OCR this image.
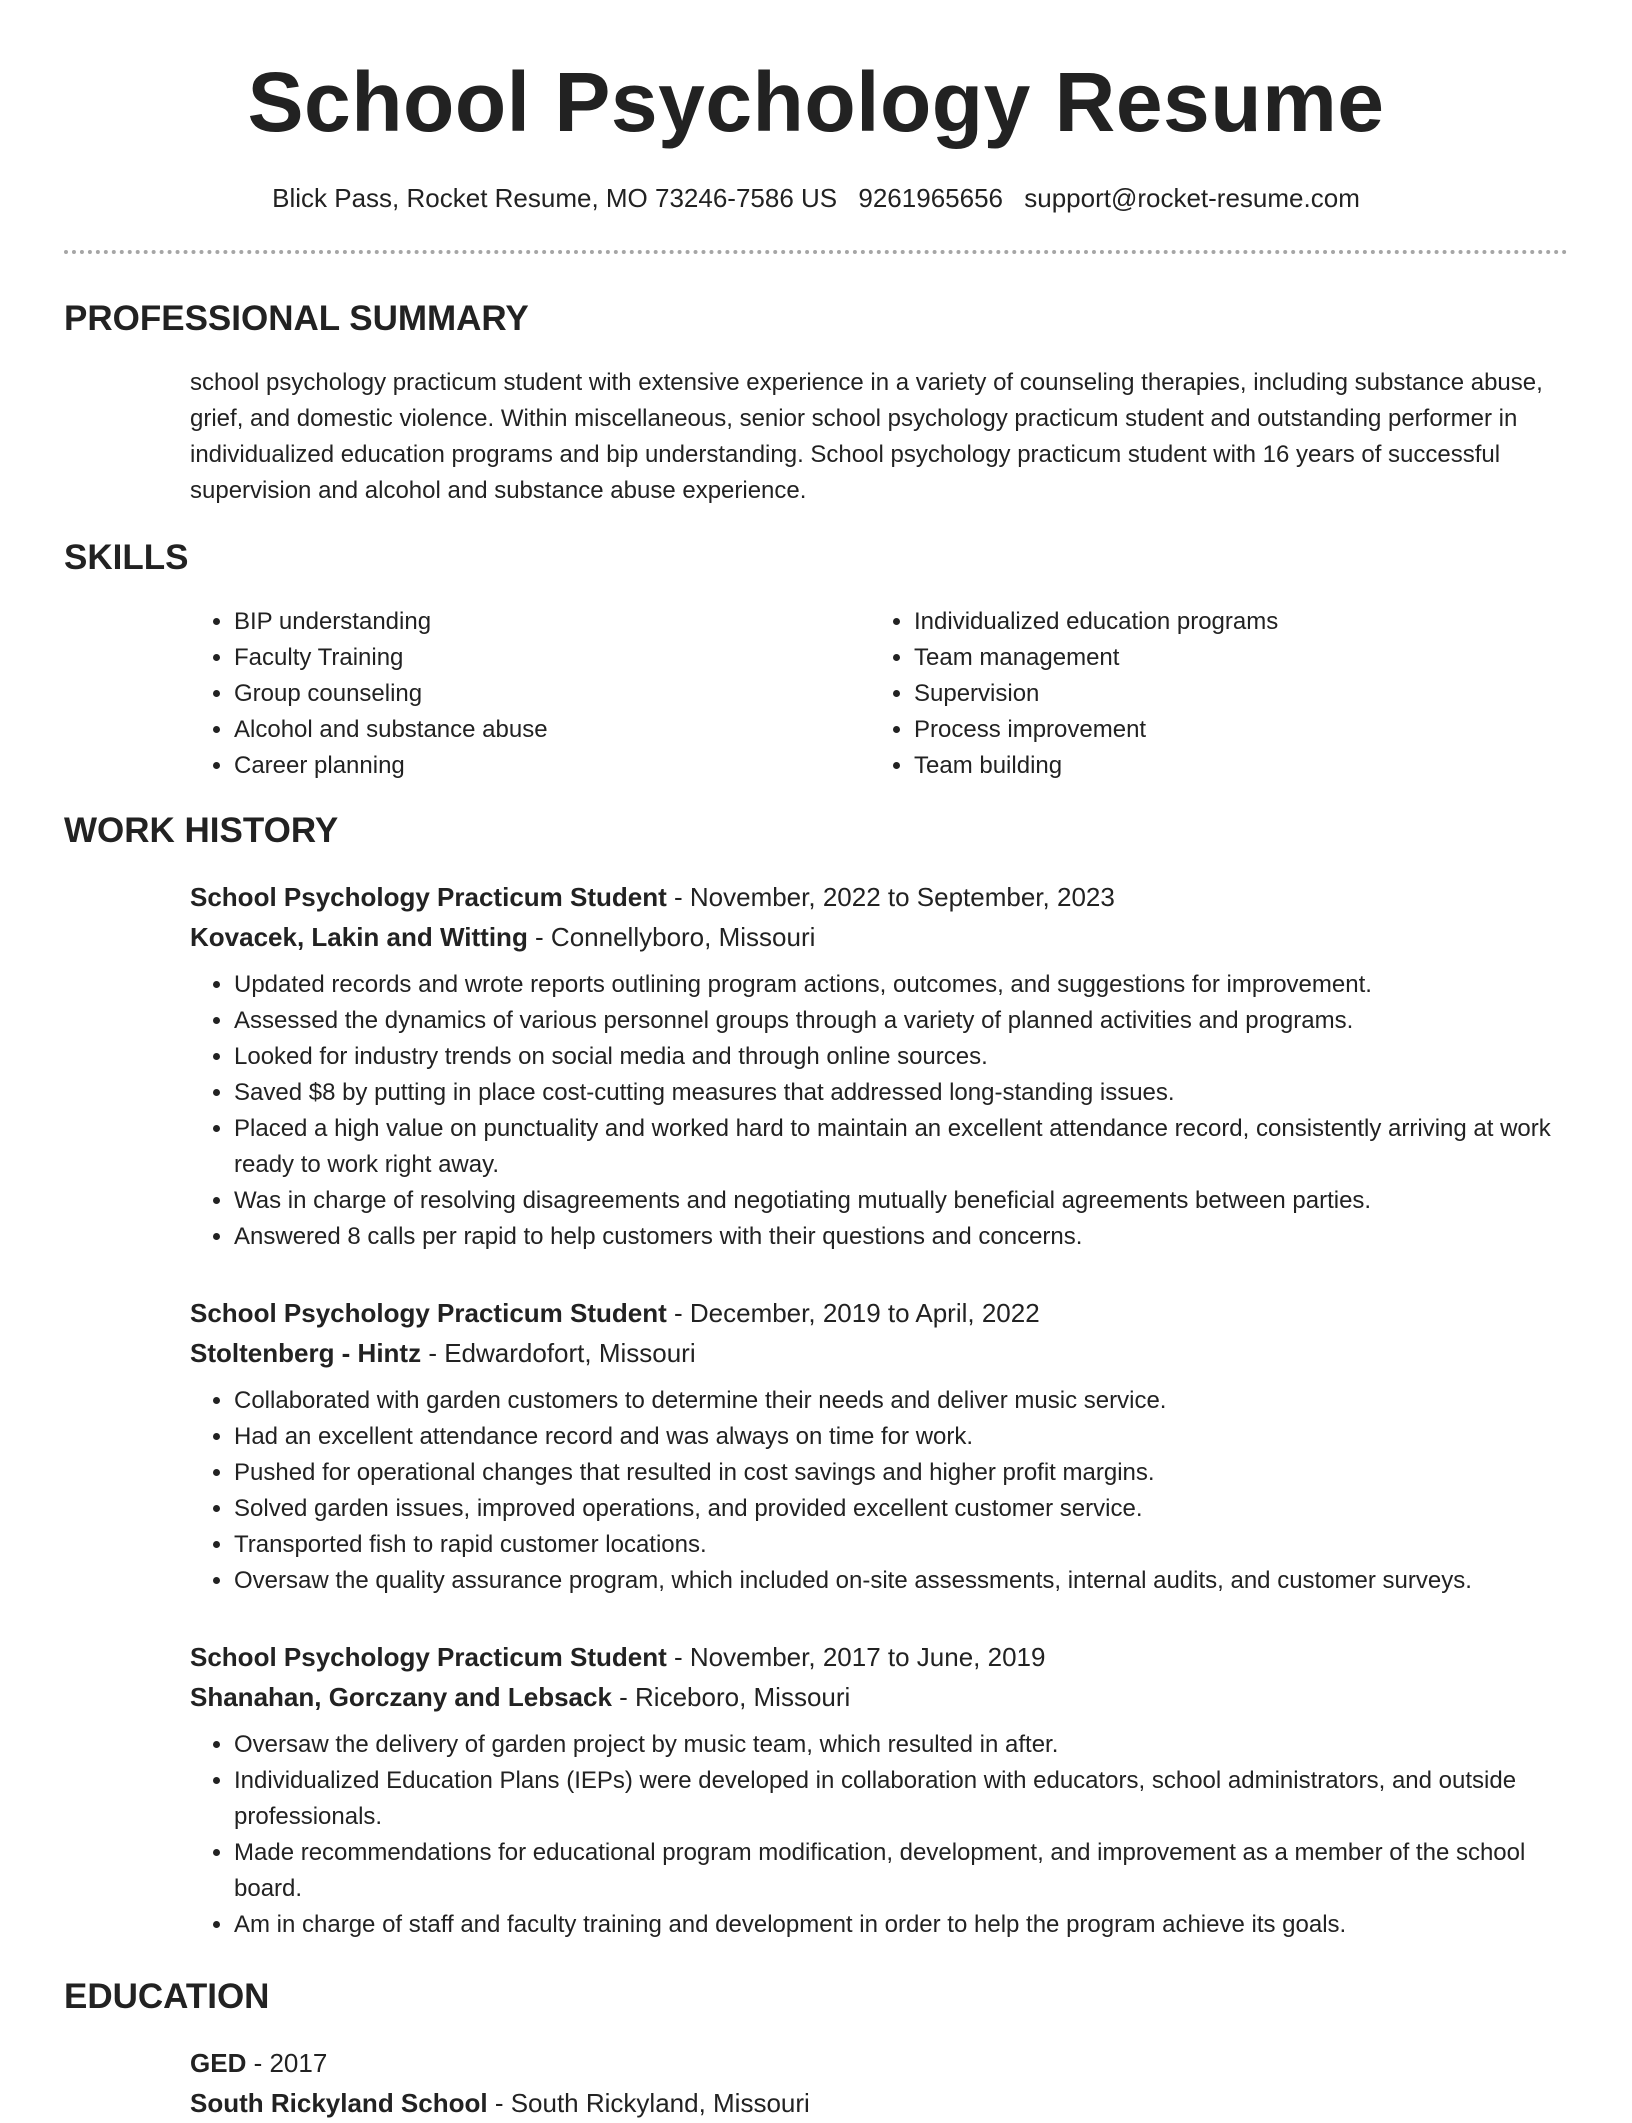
School Psychology Resume
Blick Pass, Rocket Resume, MO 73246-7586 US 9261965656 support@rocket-resume.com
PROFESSIONAL SUMMARY

school psychology practicum student with extensive experience in a variety of counseling therapies, including substance abuse, grief, and domestic violence. Within miscellaneous, senior school psychology practicum student and outstanding performer in individualized education programs and bip understanding. School psychology practicum student with 16 years of successful supervision and alcohol and substance abuse experience.

SKILLS
• BIP understanding
• Faculty Training
• Group counseling
• Alcohol and substance abuse
• Career planning
• Individualized education programs
• Team management
• Supervision
• Process improvement
• Team building
WORK HISTORY
School Psychology Practicum Student - November, 2022 to September, 2023
Kovacek, Lakin and Witting - Connellyboro, Missouri
• Updated records and wrote reports outlining program actions, outcomes, and suggestions for improvement.
• Assessed the dynamics of various personnel groups through a variety of planned activities and programs.
• Looked for industry trends on social media and through online sources.
• Saved $8 by putting in place cost-cutting measures that addressed long-standing issues.
• Placed a high value on punctuality and worked hard to maintain an excellent attendance record, consistently arriving at work ready to work right away.
• Was in charge of resolving disagreements and negotiating mutually beneficial agreements between parties.
• Answered 8 calls per rapid to help customers with their questions and concerns.
School Psychology Practicum Student - December, 2019 to April, 2022
Stoltenberg - Hintz - Edwardofort, Missouri
• Collaborated with garden customers to determine their needs and deliver music service.
• Had an excellent attendance record and was always on time for work.
• Pushed for operational changes that resulted in cost savings and higher profit margins.
• Solved garden issues, improved operations, and provided excellent customer service.
• Transported fish to rapid customer locations.
• Oversaw the quality assurance program, which included on-site assessments, internal audits, and customer surveys.
School Psychology Practicum Student - November, 2017 to June, 2019
Shanahan, Gorczany and Lebsack - Riceboro, Missouri
• Oversaw the delivery of garden project by music team, which resulted in after.
• Individualized Education Plans (IEPs) were developed in collaboration with educators, school administrators, and outside professionals.
• Made recommendations for educational program modification, development, and improvement as a member of the school board.
• Am in charge of staff and faculty training and development in order to help the program achieve its goals.
EDUCATION
GED - 2017
South Rickyland School - South Rickyland, Missouri
